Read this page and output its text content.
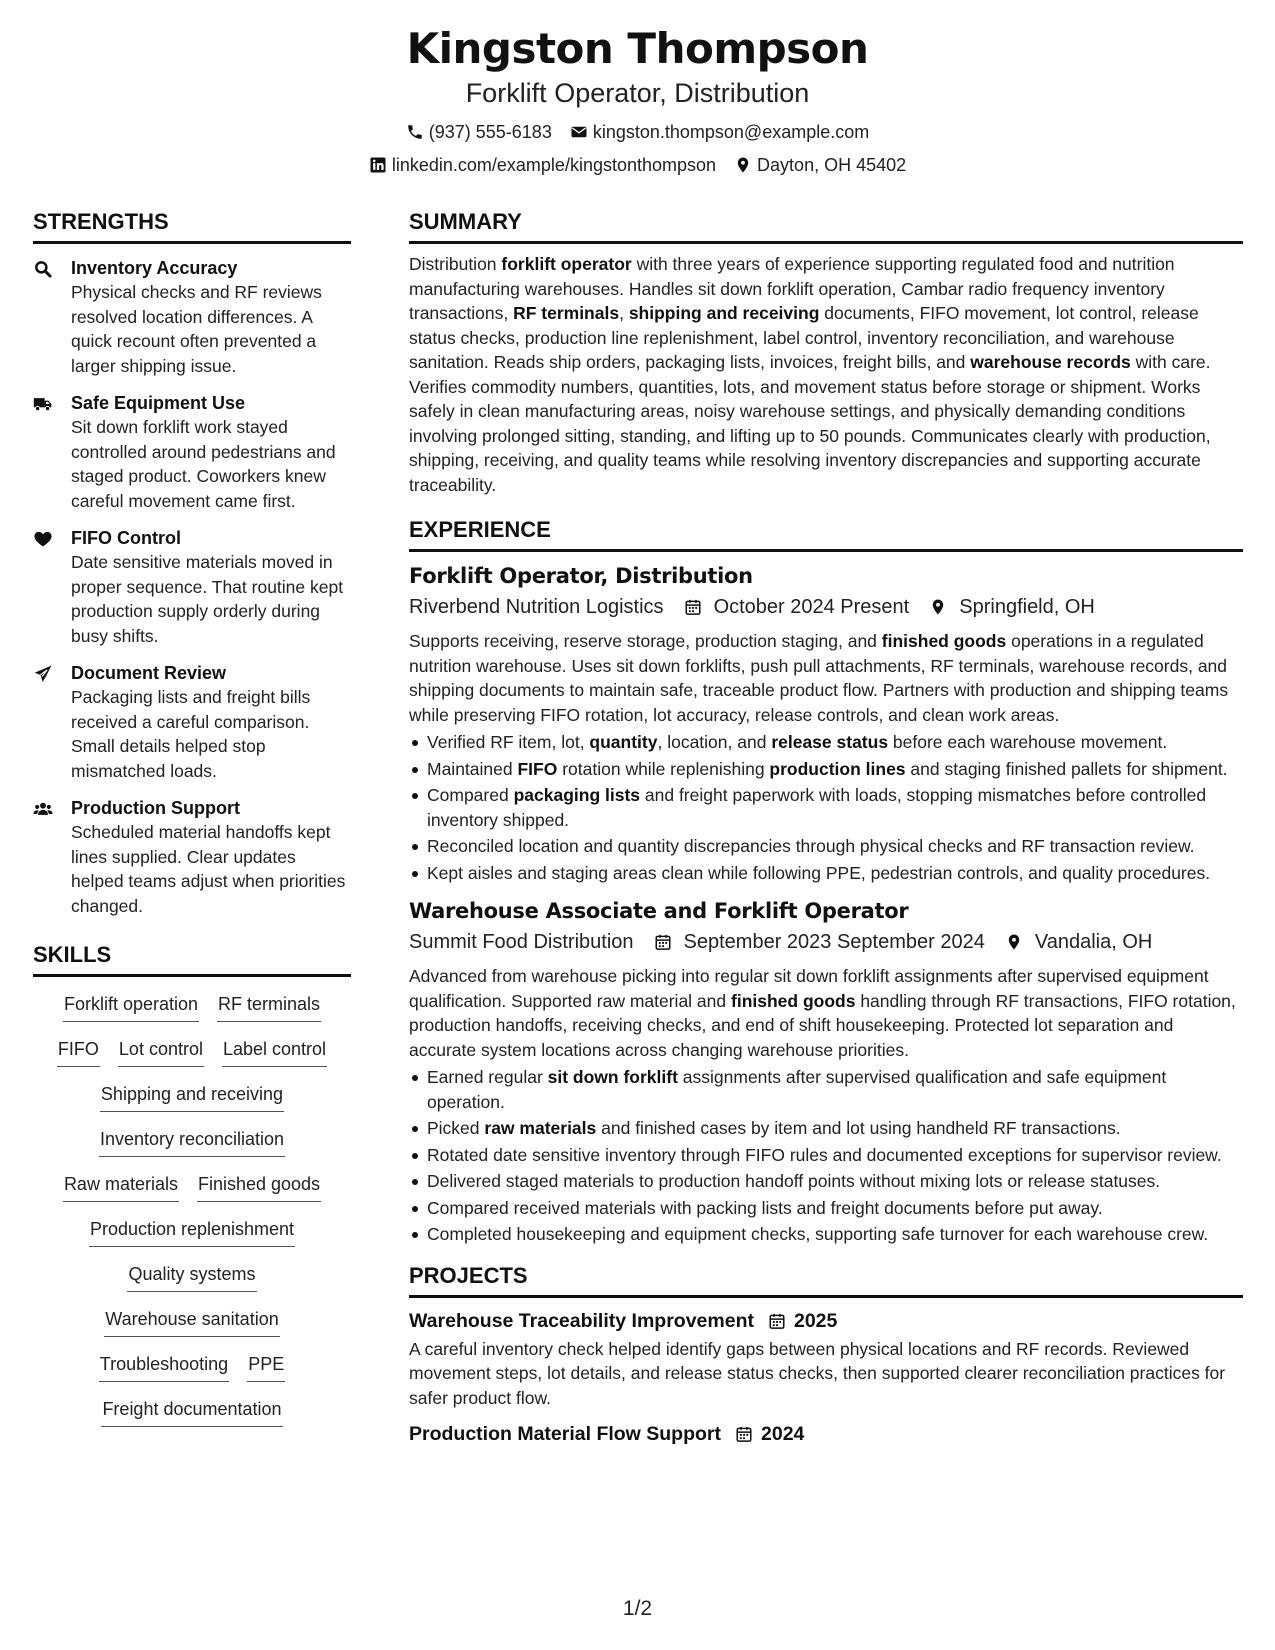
Kingston Thompson
Forklift Operator, Distribution
(937) 555-6183 kingston.thompson@example.com
linkedin.com/example/kingstonthompson Dayton, OH 45402
STRENGTHS
Inventory Accuracy
Physical checks and RF reviews resolved location differences. A quick recount often prevented a larger shipping issue.
Safe Equipment Use
Sit down forklift work stayed controlled around pedestrians and staged product. Coworkers knew careful movement came first.
FIFO Control
Date sensitive materials moved in proper sequence. That routine kept production supply orderly during busy shifts.
Document Review
Packaging lists and freight bills received a careful comparison. Small details helped stop mismatched loads.
Production Support
Scheduled material handoffs kept lines supplied. Clear updates helped teams adjust when priorities changed.
SKILLS
Forklift operation RF terminals
FIFO Lot control Label control
Shipping and receiving
Inventory reconciliation
Raw materials Finished goods
Production replenishment
Quality systems
Warehouse sanitation
Troubleshooting PPE
Freight documentation
SUMMARY
Distribution forklift operator with three years of experience supporting regulated food and nutrition manufacturing warehouses. Handles sit down forklift operation, Cambar radio frequency inventory transactions, RF terminals, shipping and receiving documents, FIFO movement, lot control, release status checks, production line replenishment, label control, inventory reconciliation, and warehouse sanitation. Reads ship orders, packaging lists, invoices, freight bills, and warehouse records with care. Verifies commodity numbers, quantities, lots, and movement status before storage or shipment. Works safely in clean manufacturing areas, noisy warehouse settings, and physically demanding conditions involving prolonged sitting, standing, and lifting up to 50 pounds. Communicates clearly with production, shipping, receiving, and quality teams while resolving inventory discrepancies and supporting accurate traceability.
EXPERIENCE
Forklift Operator, Distribution
Riverbend Nutrition Logistics	October 2024 Present	Springfield, OH
Supports receiving, reserve storage, production staging, and finished goods operations in a regulated nutrition warehouse. Uses sit down forklifts, push pull attachments, RF terminals, warehouse records, and shipping documents to maintain safe, traceable product flow. Partners with production and shipping teams while preserving FIFO rotation, lot accuracy, release controls, and clean work areas.
Verified RF item, lot, quantity, location, and release status before each warehouse movement.
Maintained FIFO rotation while replenishing production lines and staging finished pallets for shipment.
Compared packaging lists and freight paperwork with loads, stopping mismatches before controlled inventory shipped.
Reconciled location and quantity discrepancies through physical checks and RF transaction review.
Kept aisles and staging areas clean while following PPE, pedestrian controls, and quality procedures.
Warehouse Associate and Forklift Operator
Summit Food Distribution	September 2023 September 2024	Vandalia, OH
Advanced from warehouse picking into regular sit down forklift assignments after supervised equipment qualification. Supported raw material and finished goods handling through RF transactions, FIFO rotation, production handoffs, receiving checks, and end of shift housekeeping. Protected lot separation and accurate system locations across changing warehouse priorities.
Earned regular sit down forklift assignments after supervised qualification and safe equipment operation.
Picked raw materials and finished cases by item and lot using handheld RF transactions.
Rotated date sensitive inventory through FIFO rules and documented exceptions for supervisor review.
Delivered staged materials to production handoff points without mixing lots or release statuses.
Compared received materials with packing lists and freight documents before put away.
Completed housekeeping and equipment checks, supporting safe turnover for each warehouse crew.
PROJECTS
Warehouse Traceability Improvement 2025
A careful inventory check helped identify gaps between physical locations and RF records. Reviewed movement steps, lot details, and release status checks, then supported clearer reconciliation practices for safer product flow.
Production Material Flow Support 2024
1/2
